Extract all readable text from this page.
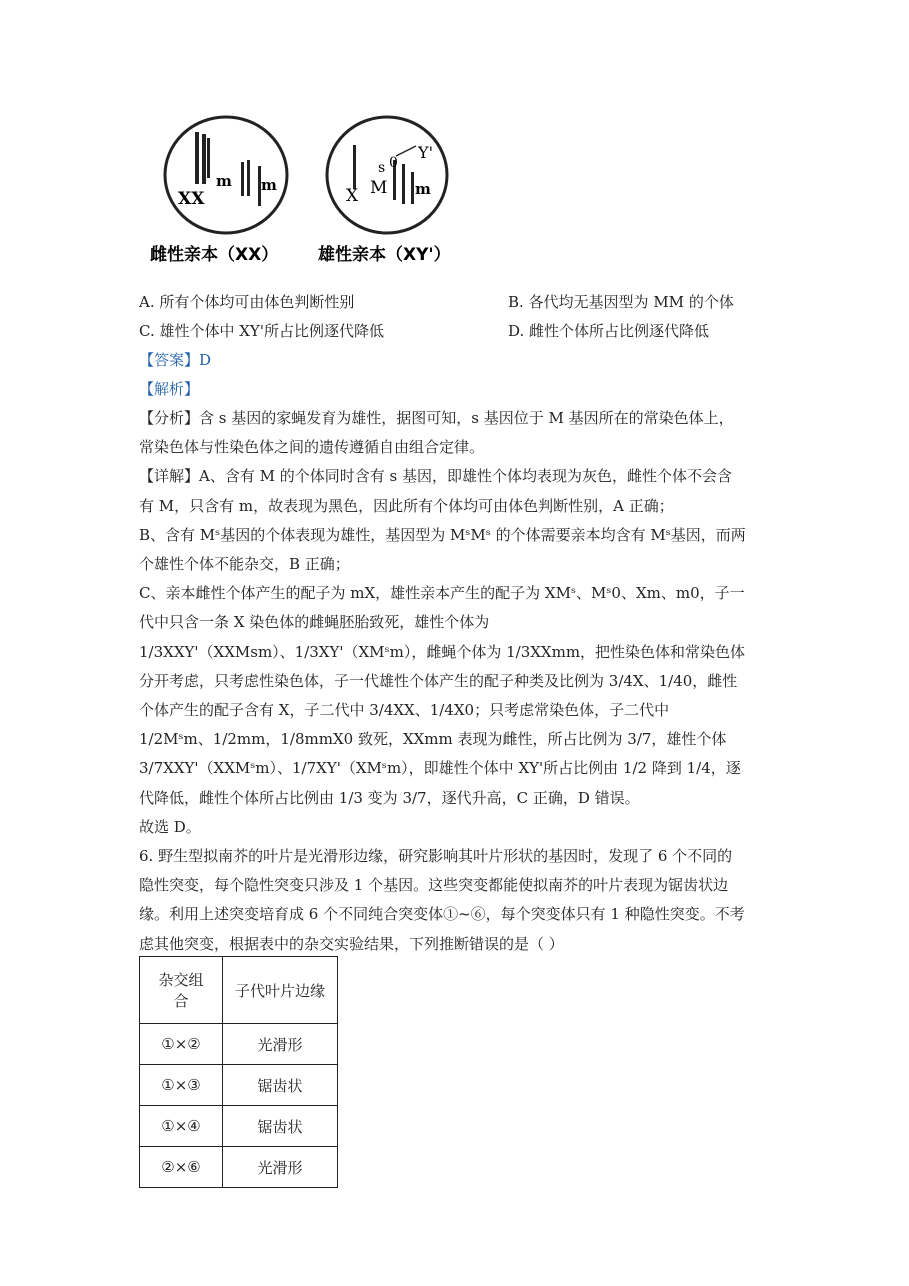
XX
m m
X M
s 0
Y'
m
雌性亲本（XX） 雄性亲本（XY'）
A. 所有个体均可由体色判断性别	B. 各代均无基因型为 MM 的个体
C. 雄性个体中 XY'所占比例逐代降低	D. 雌性个体所占比例逐代降低
【答案】D
【解析】
【分析】含 s 基因的家蝇发育为雄性，据图可知，s 基因位于 M 基因所在的常染色体上，
常染色体与性染色体之间的遗传遵循自由组合定律。
【详解】A、含有 M 的个体同时含有 s 基因，即雄性个体均表现为灰色，雌性个体不会含
有 M，只含有 m，故表现为黑色，因此所有个体均可由体色判断性别，A 正确；
B、含有 Mˢ基因的个体表现为雄性，基因型为 MˢMˢ 的个体需要亲本均含有 Mˢ基因，而两
个雄性个体不能杂交，B 正确；
C、亲本雌性个体产生的配子为 mX，雄性亲本产生的配子为 XMˢ、Mˢ0、Xm、m0，子一
代中只含一条 X 染色体的雌蝇胚胎致死，雄性个体为
1/3XXY'（XXMsm）、1/3XY'（XMˢm），雌蝇个体为 1/3XXmm，把性染色体和常染色体
分开考虑，只考虑性染色体，子一代雄性个体产生的配子种类及比例为 3/4X、1/40，雌性
个体产生的配子含有 X，子二代中 3/4XX、1/4X0；只考虑常染色体，子二代中
1/2Mˢm、1/2mm，1/8mmX0 致死，XXmm 表现为雌性，所占比例为 3/7，雄性个体
3/7XXY'（XXMˢm）、1/7XY'（XMˢm），即雄性个体中 XY'所占比例由 1/2 降到 1/4，逐
代降低，雌性个体所占比例由 1/3 变为 3/7，逐代升高，C 正确，D 错误。
故选 D。
6. 野生型拟南芥的叶片是光滑形边缘，研究影响其叶片形状的基因时，发现了 6 个不同的
隐性突变，每个隐性突变只涉及 1 个基因。这些突变都能使拟南芥的叶片表现为锯齿状边
缘。利用上述突变培育成 6 个不同纯合突变体①~⑥，每个突变体只有 1 种隐性突变。不考
虑其他突变，根据表中的杂交实验结果，下列推断错误的是（ ）
杂交组
合	子代叶片边缘
①×②	光滑形
①×③	锯齿状
①×④	锯齿状
②×⑥	光滑形
